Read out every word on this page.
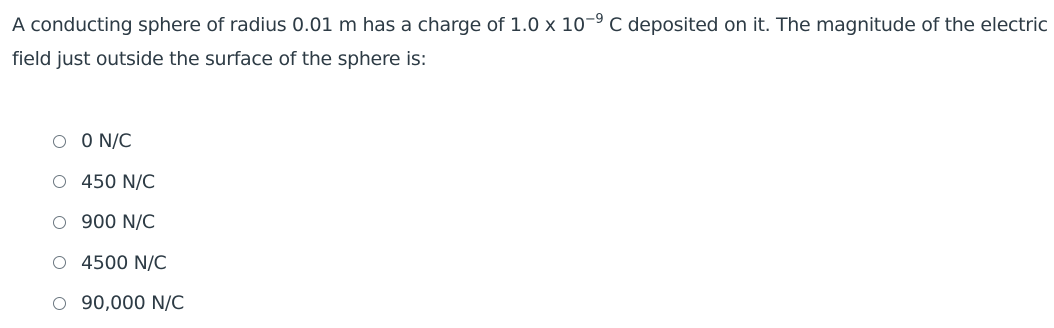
A conducting sphere of radius 0.01 m has a charge of 1.0 x $10^{-9}$ C deposited on it. The magnitude of the electric field just outside the surface of the sphere is:
0 N/C
450 N/C
900 N/C
4500 N/C
90,000 N/C
